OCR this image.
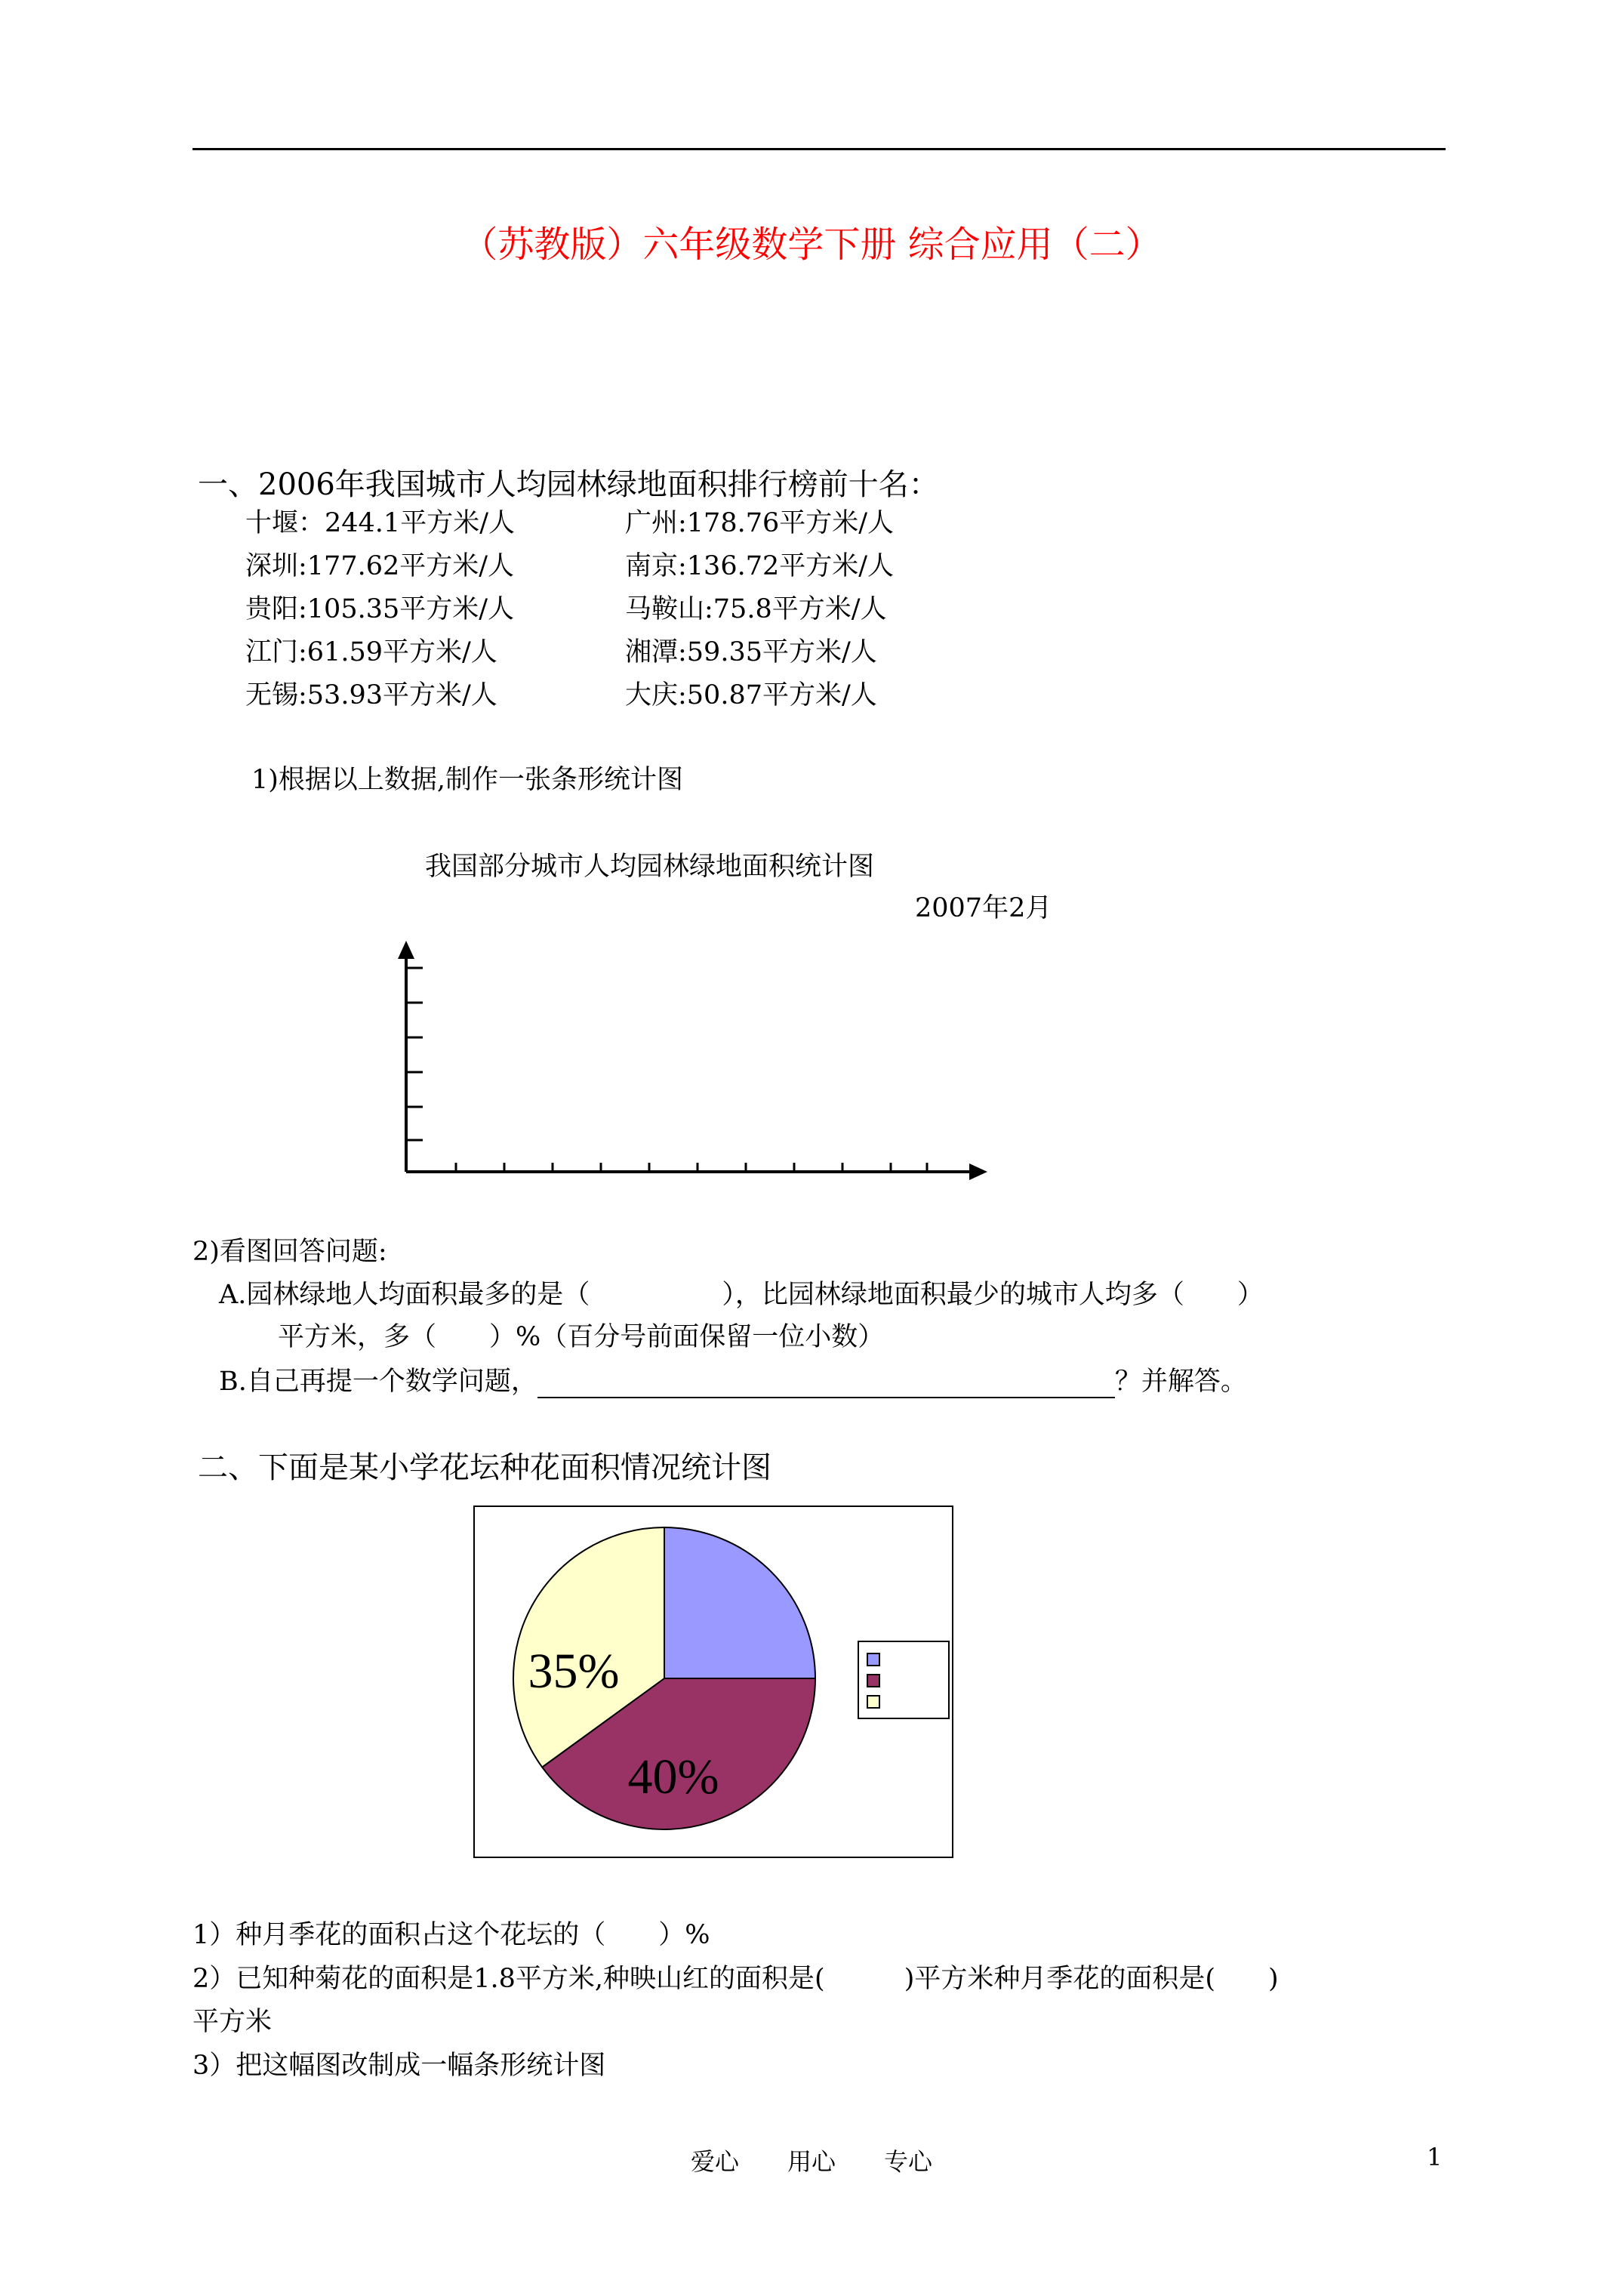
（苏教版）六年级数学下册 综合应用（二）
一、2006年我国城市人均园林绿地面积排行榜前十名：
十堰：244.1平方米/人	广州:178.76平方米/人
深圳:177.62平方米/人	南京:136.72平方米/人
贵阳:105.35平方米/人	马鞍山:75.8平方米/人
江门:61.59平方米/人	湘潭:59.35平方米/人
无锡:53.93平方米/人	大庆:50.87平方米/人
1)根据以上数据,制作一张条形统计图
我国部分城市人均园林绿地面积统计图
2007年2月
2)看图回答问题:
A.园林绿地人均面积最多的是（　　　　　），比园林绿地面积最少的城市人均多（　　）
平方米，多（　　）%（百分号前面保留一位小数）
B.自己再提一个数学问题，	？并解答。
二、下面是某小学花坛种花面积情况统计图
40%
35%
1）种月季花的面积占这个花坛的（　　）%
2）已知种菊花的面积是1.8平方米,种映山红的面积是(　　　)平方米种月季花的面积是(　　)
平方米
3）把这幅图改制成一幅条形统计图
爱心　　用心　　专心	1
